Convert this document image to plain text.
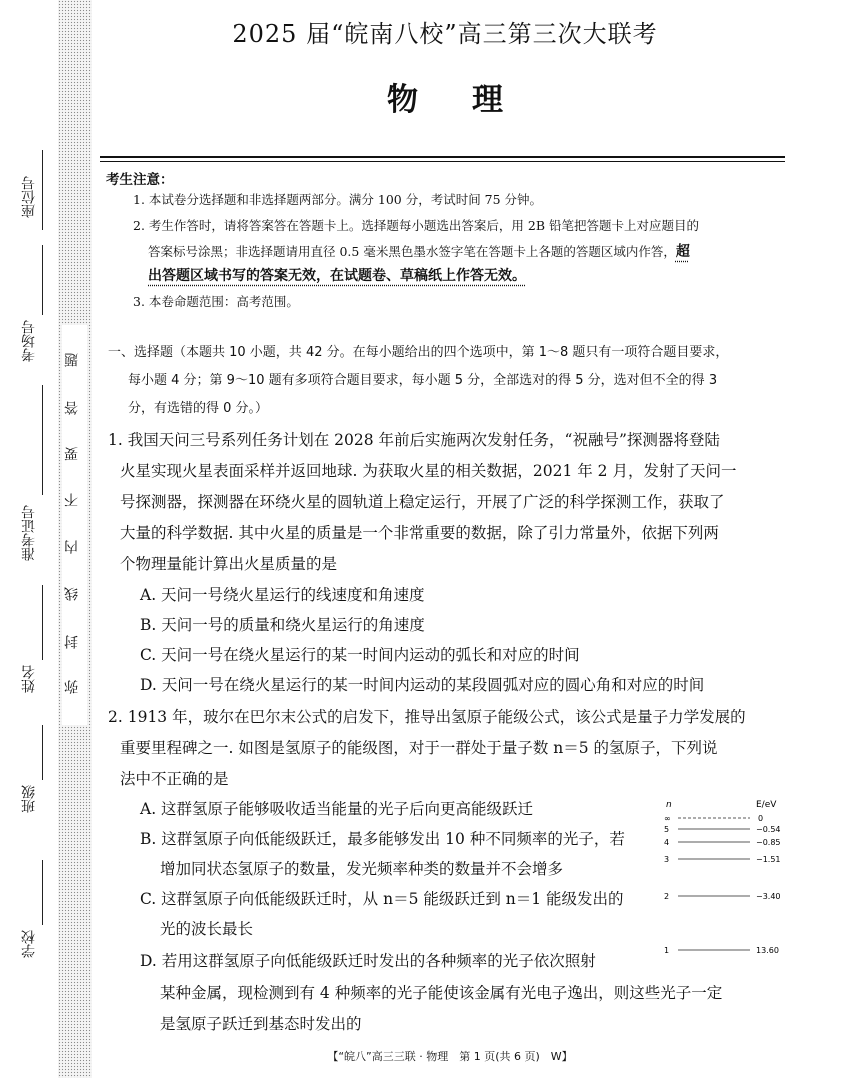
座位号
考场号
准考证号
姓名
班级
学校
弥
封
线
内
不
要
答
题
2025 届“皖南八校”高三第三次大联考
物理
考生注意：
1. 本试卷分选择题和非选择题两部分。满分 100 分，考试时间 75 分钟。
2. 考生作答时，请将答案答在答题卡上。选择题每小题选出答案后，用 2B 铅笔把答题卡上对应题目的
答案标号涂黑；非选择题请用直径 0.5 毫米黑色墨水签字笔在答题卡上各题的答题区域内作答，超
出答题区域书写的答案无效，在试题卷、草稿纸上作答无效。
3. 本卷命题范围：高考范围。
一、选择题（本题共 10 小题，共 42 分。在每小题给出的四个选项中，第 1～8 题只有一项符合题目要求，
每小题 4 分；第 9～10 题有多项符合题目要求，每小题 5 分，全部选对的得 5 分，选对但不全的得 3
分，有选错的得 0 分。）
1. 我国天问三号系列任务计划在 2028 年前后实施两次发射任务，“祝融号”探测器将登陆
火星实现火星表面采样并返回地球. 为获取火星的相关数据，2021 年 2 月，发射了天问一
号探测器，探测器在环绕火星的圆轨道上稳定运行，开展了广泛的科学探测工作，获取了
大量的科学数据. 其中火星的质量是一个非常重要的数据，除了引力常量外，依据下列两
个物理量能计算出火星质量的是
A. 天问一号绕火星运行的线速度和角速度
B. 天问一号的质量和绕火星运行的角速度
C. 天问一号在绕火星运行的某一时间内运动的弧长和对应的时间
D. 天问一号在绕火星运行的某一时间内运动的某段圆弧对应的圆心角和对应的时间
2. 1913 年，玻尔在巴尔末公式的启发下，推导出氢原子能级公式，该公式是量子力学发展的
重要里程碑之一. 如图是氢原子的能级图，对于一群处于量子数 n＝5 的氢原子，下列说
法中不正确的是
A. 这群氢原子能够吸收适当能量的光子后向更高能级跃迁
B. 这群氢原子向低能级跃迁，最多能够发出 10 种不同频率的光子，若
增加同状态氢原子的数量，发光频率种类的数量并不会增多
C. 这群氢原子向低能级跃迁时，从 n＝5 能级跃迁到 n＝1 能级发出的
光的波长最长
D. 若用这群氢原子向低能级跃迁时发出的各种频率的光子依次照射
某种金属，现检测到有 4 种频率的光子能使该金属有光电子逸出，则这些光子一定
是氢原子跃迁到基态时发出的
n	E/eV
∞	0
5	−0.54
4	−0.85
3	−1.51
2	−3.40
1	13.60
【“皖八”高三三联 · 物理　第 1 页(共 6 页)　W】
